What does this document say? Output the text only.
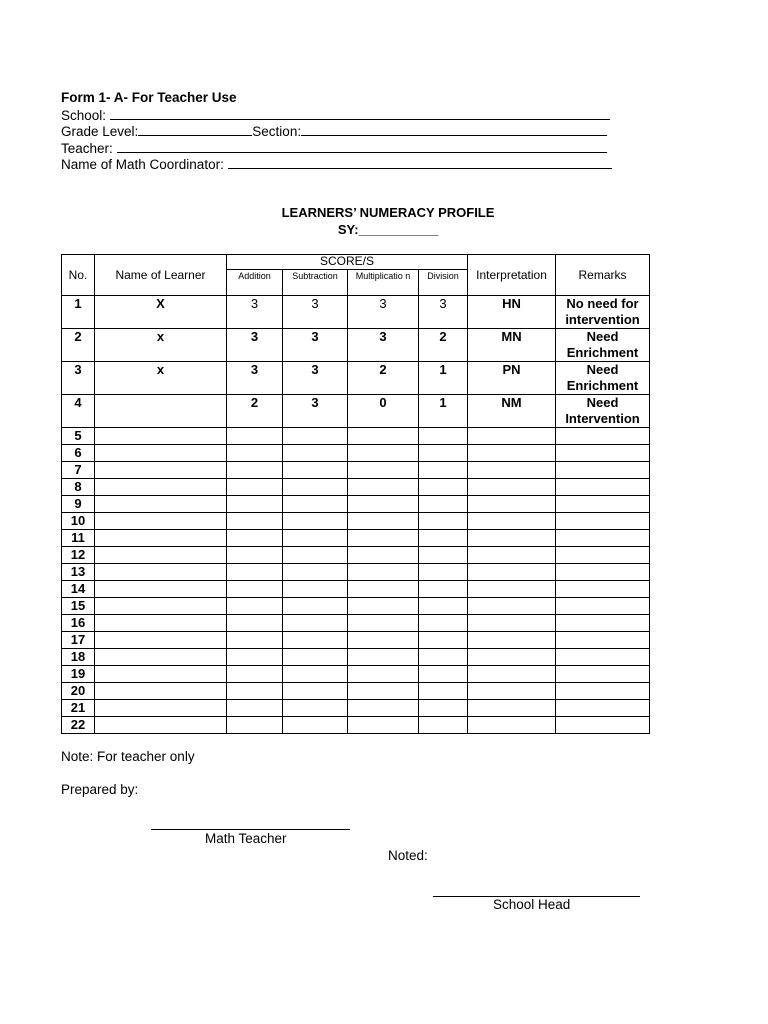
Form 1- A- For Teacher Use
School:
Grade Level:	Section:
Teacher:
Name of Math Coordinator:
LEARNERS’ NUMERACY PROFILE
SY:___________
No.	Name of Learner	SCORE/S				Interpretation	Remarks
		Addition	Subtraction	Multiplicatio n	Division		
1	X	3	3	3	3	HN	No need for intervention
2	x	3	3	3	2	MN	Need Enrichment
3	x	3	3	2	1	PN	Need Enrichment
4		2	3	0	1	NM	Need Intervention
5							
6							
7							
8							
9							
10							
11							
12							
13							
14							
15							
16							
17							
18							
19							
20							
21							
22							
Note: For teacher only
Prepared by:
Math Teacher
Noted:
School Head
